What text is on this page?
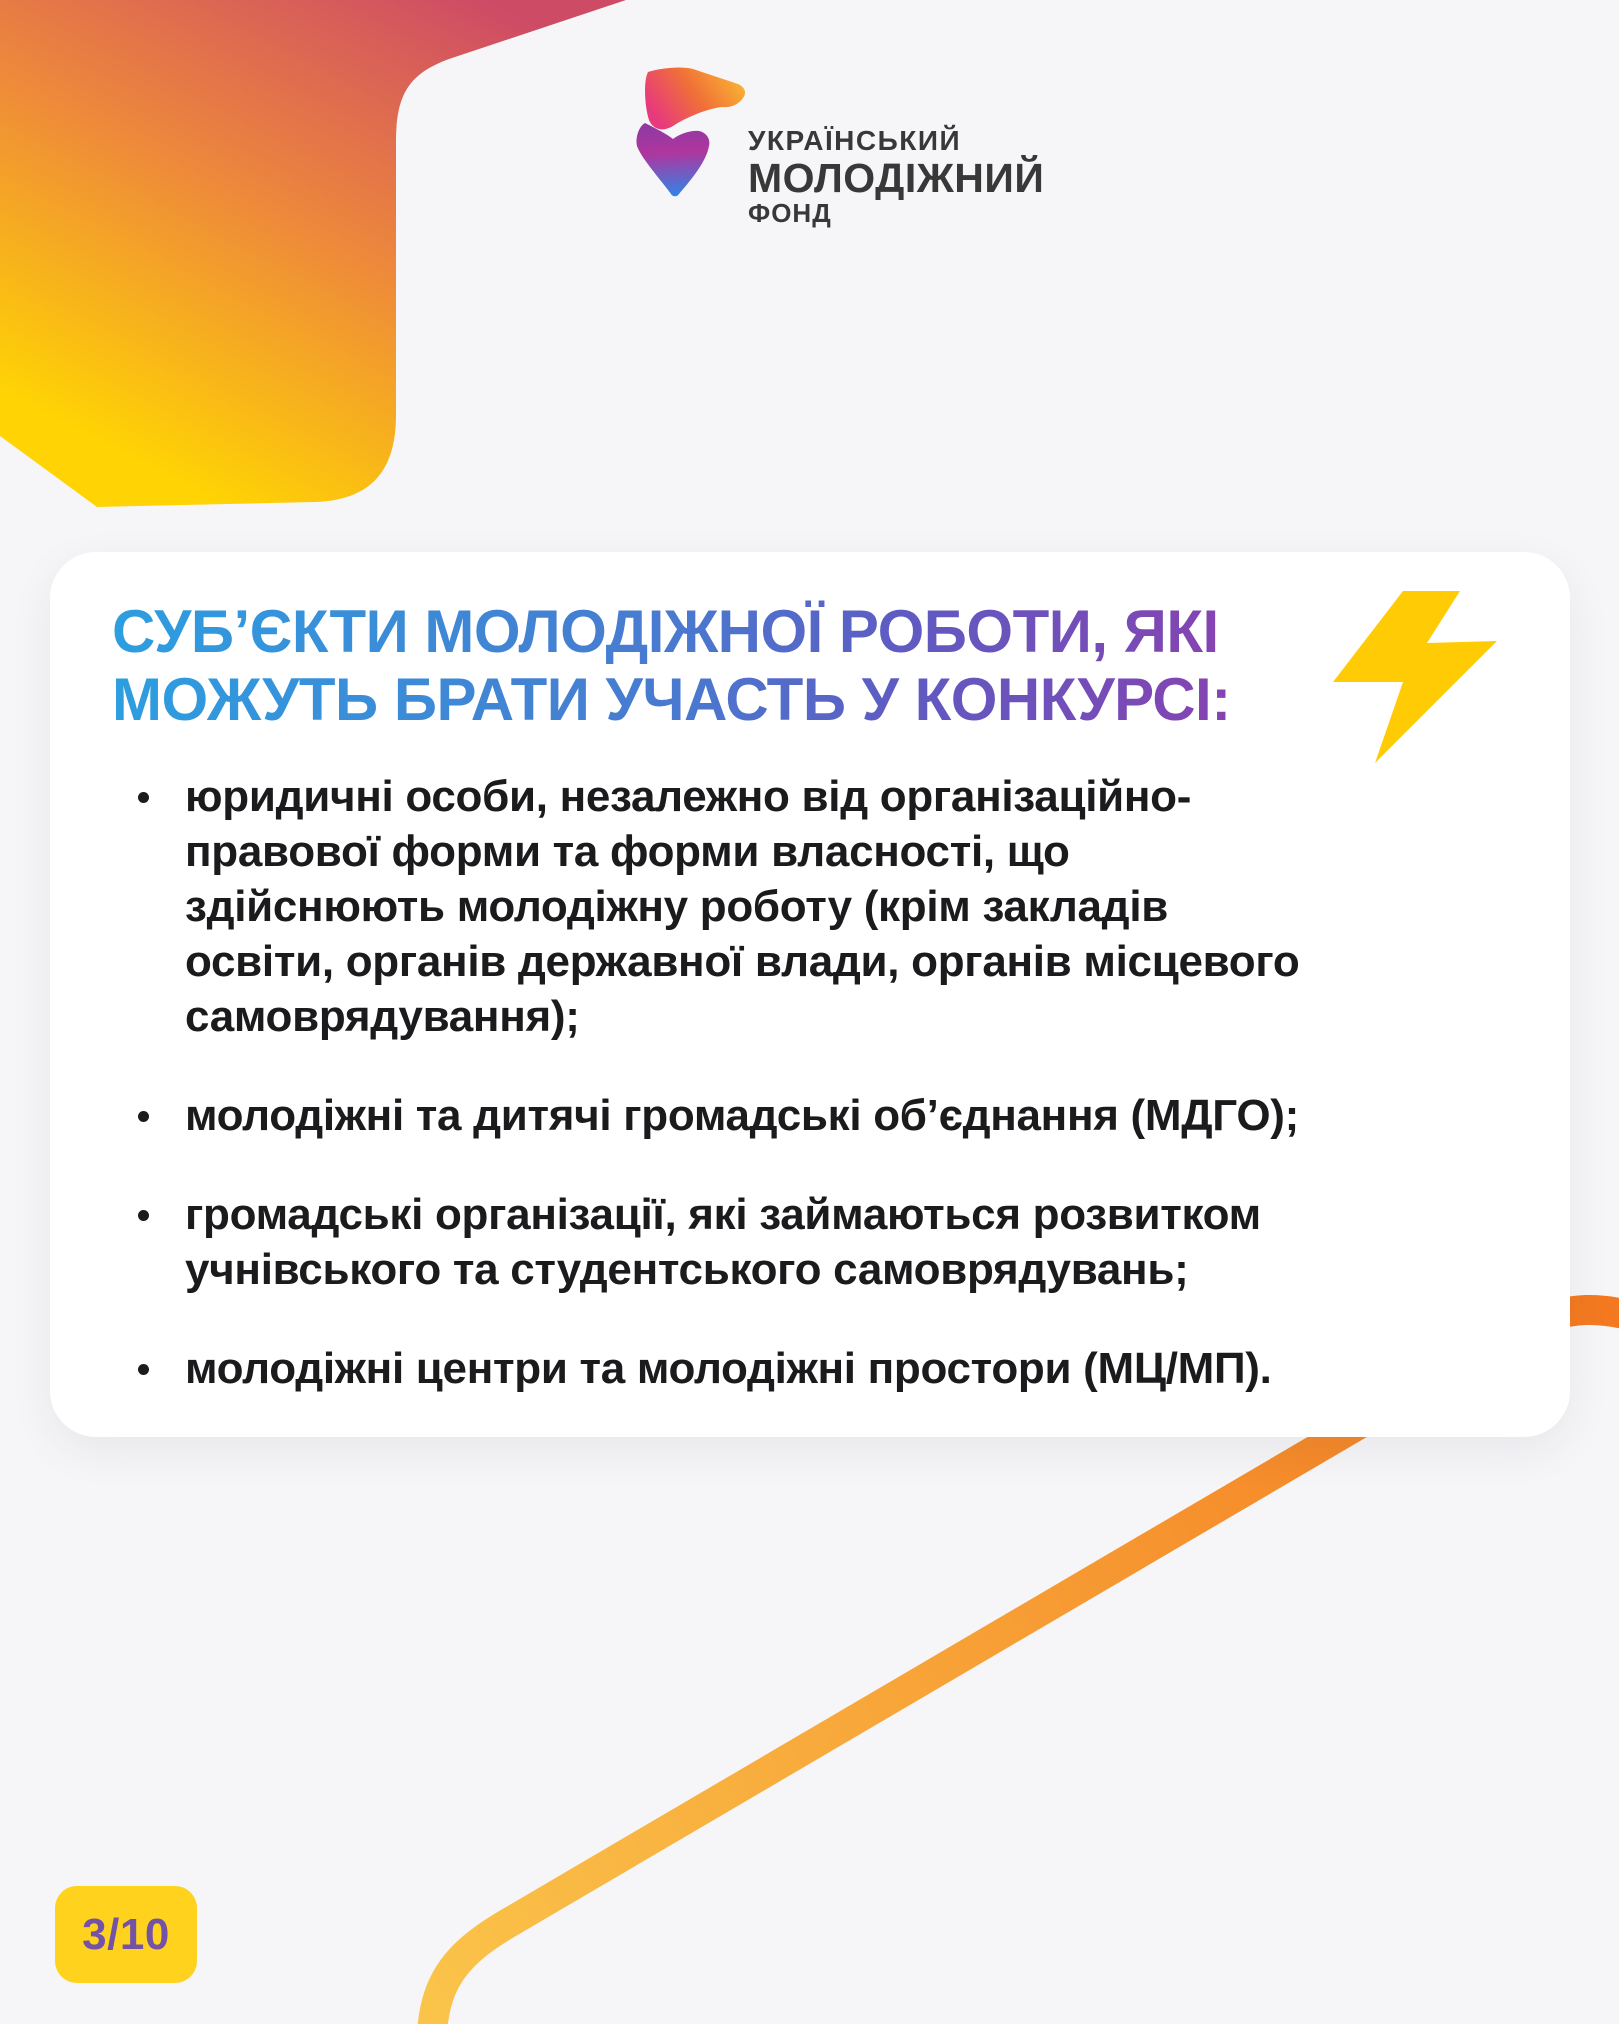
УКРАЇНСЬКИЙ
МОЛОДІЖНИЙ
ФОНД
СУБ’ЄКТИ МОЛОДІЖНОЇ РОБОТИ, ЯКІ
МОЖУТЬ БРАТИ УЧАСТЬ У КОНКУРСІ:
юридичні особи, незалежно від організаційно-
правової форми та форми власності, що
здійснюють молодіжну роботу (крім закладів
освіти, органів державної влади, органів місцевого
самоврядування);
молодіжні та дитячі громадські об’єднання (МДГО);
громадські організації, які займаються розвитком
учнівського та студентського самоврядувань;
молодіжні центри та молодіжні простори (МЦ/МП).
3/10
